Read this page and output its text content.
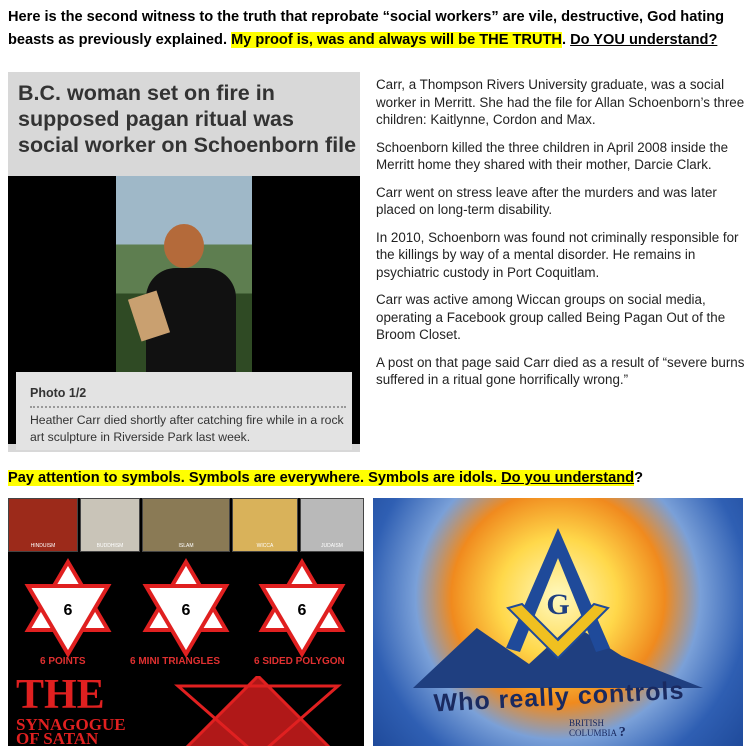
Here is the second witness to the truth that reprobate “social workers” are vile, destructive, God hating beasts as previously explained. My proof is, was and always will be THE TRUTH. Do YOU understand?
B.C. woman set on fire in supposed pagan ritual was social worker on Schoenborn file
Photo 1/2
Heather Carr died shortly after catching fire while in a rock art sculpture in Riverside Park last week.

Carr, a Thompson Rivers University graduate, was a social worker in Merritt. She had the file for Allan Schoenborn’s three children: Kaitlynne, Cordon and Max.

Schoenborn killed the three children in April 2008 inside the Merritt home they shared with their mother, Darcie Clark.

Carr went on stress leave after the murders and was later placed on long-term disability.

In 2010, Schoenborn was found not criminally responsible for the killings by way of a mental disorder. He remains in psychiatric custody in Port Coquitlam.

Carr was active among Wiccan groups on social media, operating a Facebook group called Being Pagan Out of the Broom Closet.

A post on that page said Carr died as a result of “severe burns suffered in a ritual gone horrifically wrong.”

Pay attention to symbols. Symbols are everywhere. Symbols are idols. Do you understand?
HINDUISM	BUDDHISM	ISLAM	WICCA	JUDAISM
6	6	6
6 POINTS	6 MINI TRIANGLES	6 SIDED POLYGON
THE
SYNAGOGUE
OF SATAN
G
Who really controls
BRITISH
COLUMBIA ?
